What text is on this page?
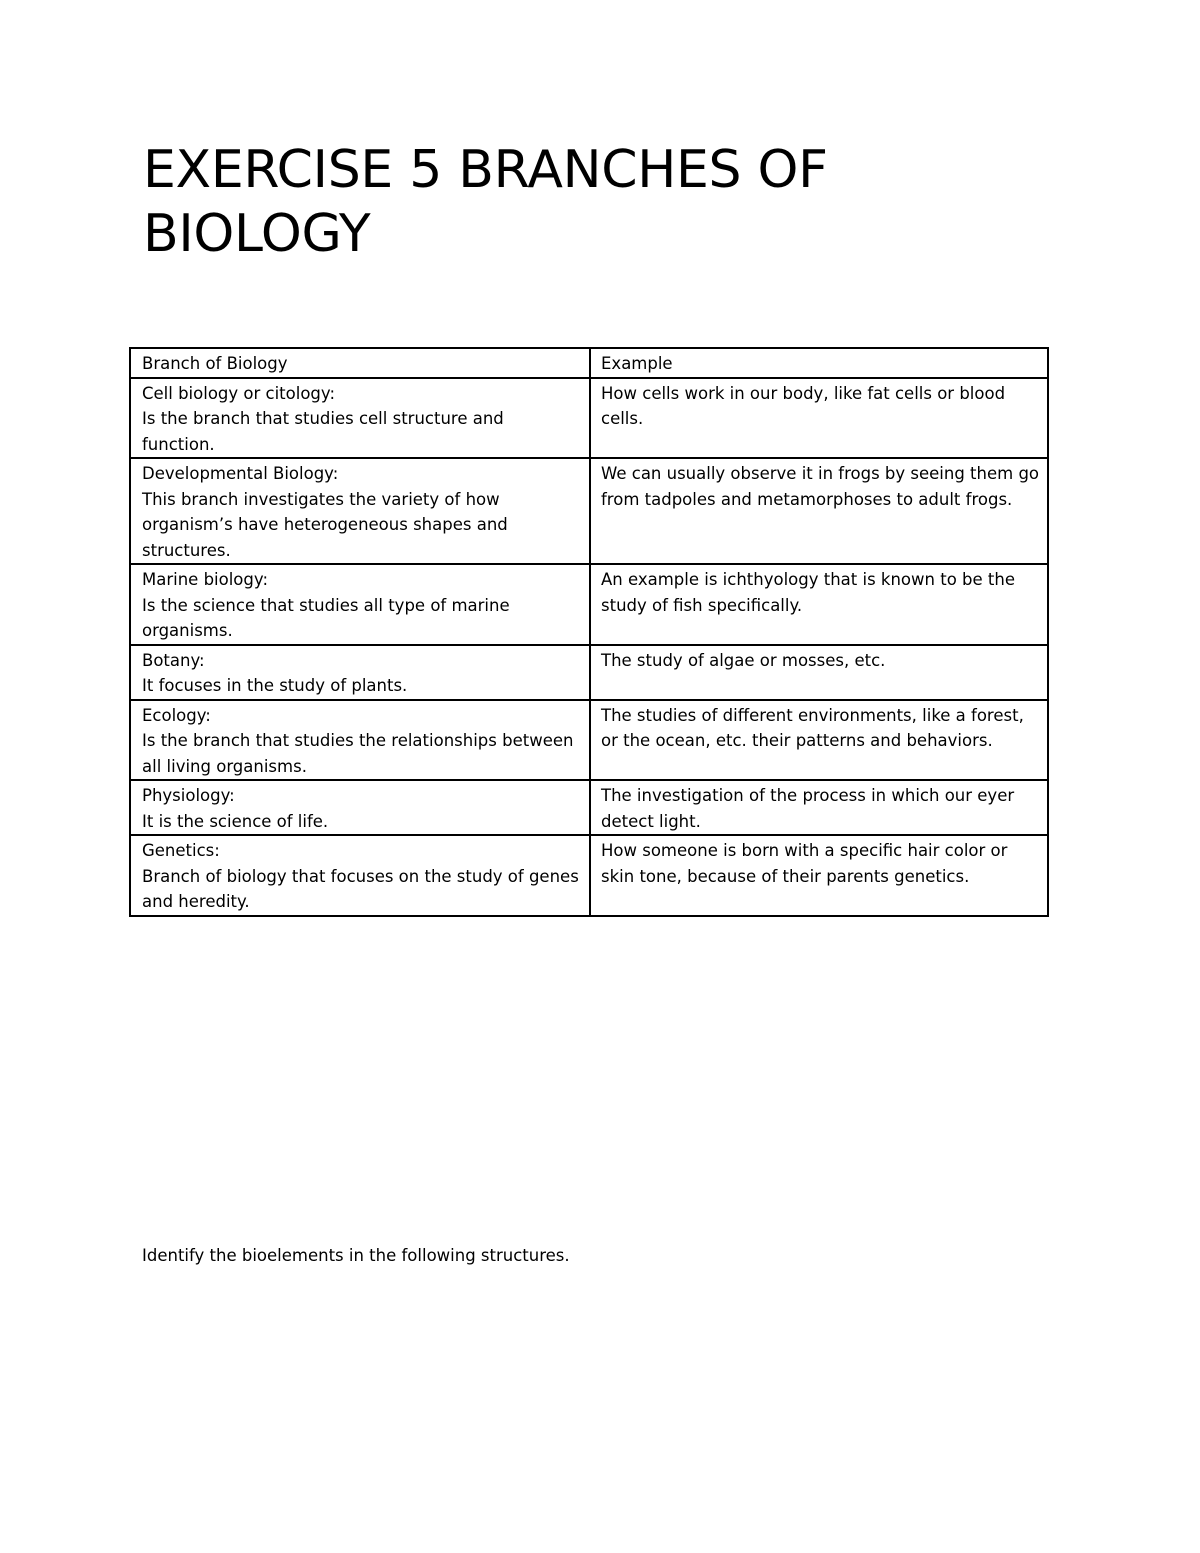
EXERCISE 5 BRANCHES OF BIOLOGY
Branch of Biology	Example

Cell biology or citology:
Is the branch that studies cell structure and function.	How cells work in our body, like fat cells or blood cells.

Developmental Biology:
This branch investigates the variety of how organism’s have heterogeneous shapes and structures.	We can usually observe it in frogs by seeing them go from tadpoles and metamorphoses to adult frogs.

Marine biology:
Is the science that studies all type of marine organisms.	An example is ichthyology that is known to be the study of fish specifically.

Botany:
It focuses in the study of plants.	The study of algae or mosses, etc.

Ecology:
Is the branch that studies the relationships between all living organisms.	The studies of different environments, like a forest, or the ocean, etc. their patterns and behaviors.

Physiology:
It is the science of life.	The investigation of the process in which our eyer detect light.

Genetics:
Branch of biology that focuses on the study of genes and heredity.	How someone is born with a specific hair color or skin tone, because of their parents genetics.

Identify the bioelements in the following structures.
